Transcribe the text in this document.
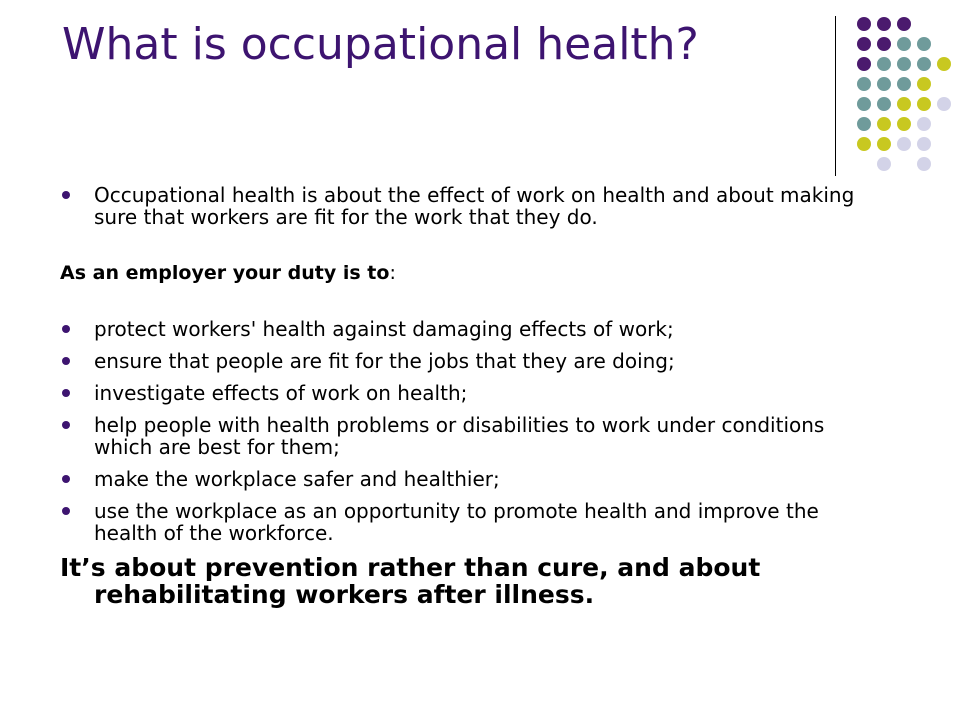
What is occupational health?
Occupational health is about the effect of work on health and about making sure that workers are fit for the work that they do.
As an employer your duty is to:
protect workers' health against damaging effects of work;
ensure that people are fit for the jobs that they are doing;
investigate effects of work on health;
help people with health problems or disabilities to work under conditions which are best for them;
make the workplace safer and healthier;
use the workplace as an opportunity to promote health and improve the health of the workforce.
It’s about prevention rather than cure, and about rehabilitating workers after illness.
